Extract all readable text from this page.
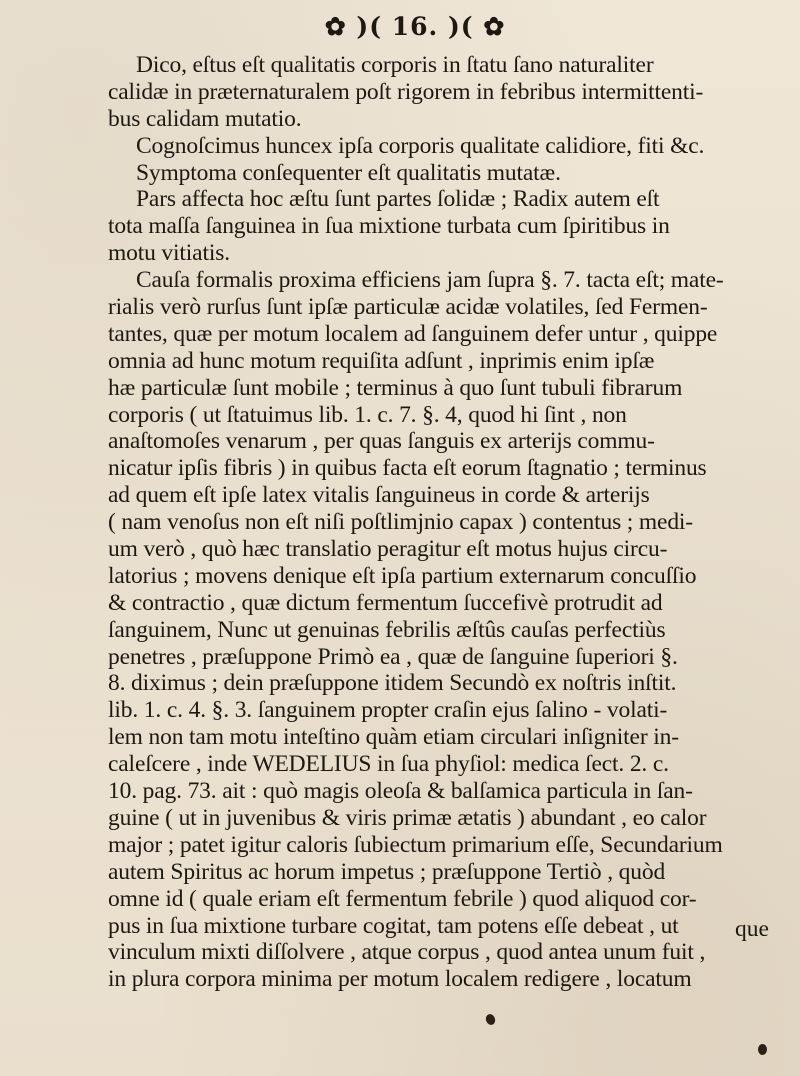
✿ )( 16. )( ✿
Dico, eſtus eſt qualitatis corporis in ſtatu ſano naturaliter
calidæ in præternaturalem poſt rigorem in febribus intermittenti-
bus calidam mutatio.
Cognoſcimus huncex ipſa corporis qualitate calidiore, fiti &c.
Symptoma conſequenter eſt qualitatis mutatæ.
Pars affecta hoc æſtu ſunt partes ſolidæ ; Radix autem eſt
tota maſſa ſanguinea in ſua mixtione turbata cum ſpiritibus in
motu vitiatis.
Cauſa formalis proxima efficiens jam ſupra §. 7. tacta eſt; mate-
rialis verò rurſus ſunt ipſæ particulæ acidæ volatiles, ſed Fermen-
tantes, quæ per motum localem ad ſanguinem defer untur , quippe
omnia ad hunc motum requiſita adſunt , inprimis enim ipſæ
hæ particulæ ſunt mobile ; terminus à quo ſunt tubuli fibrarum
corporis ( ut ſtatuimus lib. 1. c. 7. §. 4, quod hi ſint , non
anaſtomoſes venarum , per quas ſanguis ex arterijs commu-
nicatur ipſis fibris ) in quibus facta eſt eorum ſtagnatio ; terminus
ad quem eſt ipſe latex vitalis ſanguineus in corde & arterijs
( nam venoſus non eſt niſi poſtlimjnio capax ) contentus ; medi-
um verò , quò hæc translatio peragitur eſt motus hujus circu-
latorius ; movens denique eſt ipſa partium externarum concuſſio
& contractio , quæ dictum fermentum ſuccefivè protrudit ad
ſanguinem, Nunc ut genuinas febrilis æſtûs cauſas perfectiùs
penetres , præſuppone Primò ea , quæ de ſanguine ſuperiori §.
8. diximus ; dein præſuppone itidem Secundò ex noſtris inſtit.
lib. 1. c. 4. §. 3. ſanguinem propter craſin ejus ſalino - volati-
lem non tam motu inteſtino quàm etiam circulari inſigniter in-
caleſcere , inde WEDELIUS in ſua phyſiol: medica ſect. 2. c.
10. pag. 73. ait : quò magis oleoſa & balſamica particula in ſan-
guine ( ut in juvenibus & viris primæ ætatis ) abundant , eo calor
major ; patet igitur caloris ſubiectum primarium eſſe, Secundarium
autem Spiritus ac horum impetus ; præſuppone Tertiò , quòd
omne id ( quale eriam eſt fermentum febrile ) quod aliquod cor-
pus in ſua mixtione turbare cogitat, tam potens eſſe debeat , ut
vinculum mixti diſſolvere , atque corpus , quod antea unum fuit ,
in plura corpora minima per motum localem redigere , locatum
que
